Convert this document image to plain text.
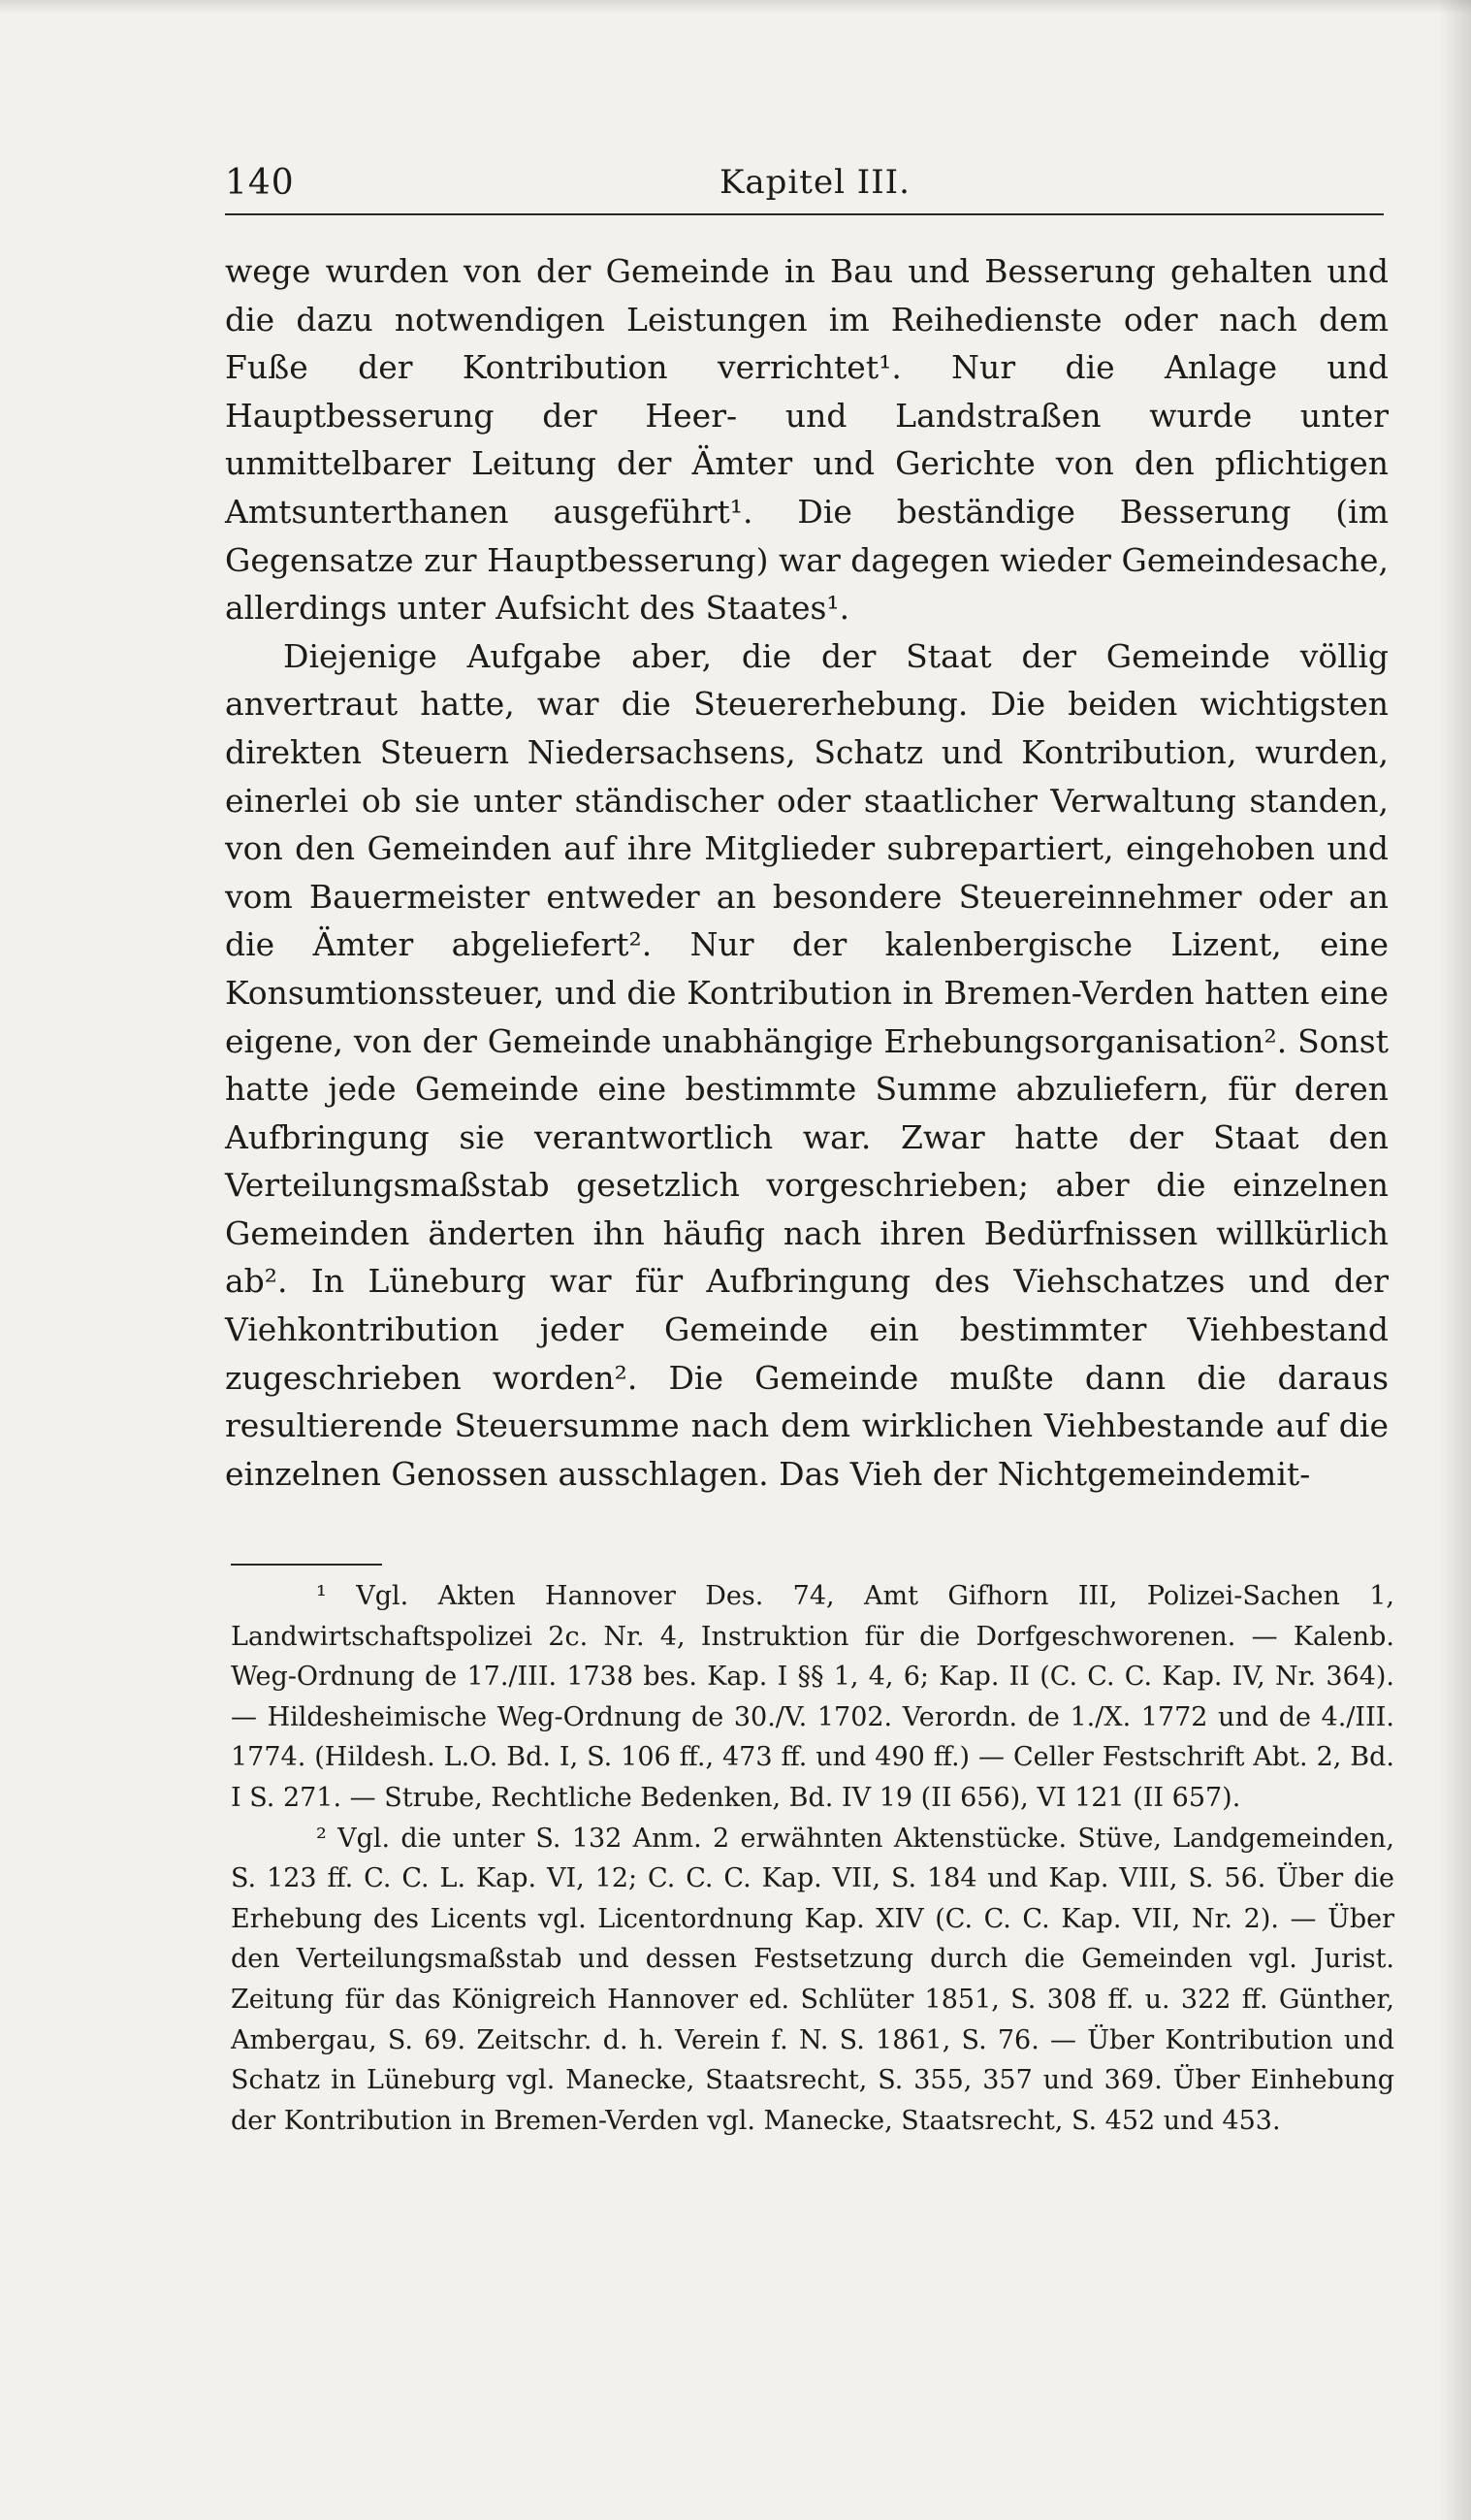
140	Kapitel III.

wege wurden von der Gemeinde in Bau und Besserung gehalten und die dazu notwendigen Leistungen im Reihedienste oder nach dem Fuße der Kontribution verrichtet¹. Nur die Anlage und Hauptbesserung der Heer- und Landstraßen wurde unter unmittelbarer Leitung der Ämter und Gerichte von den pflichtigen Amtsunterthanen ausgeführt¹. Die beständige Besserung (im Gegensatze zur Hauptbesserung) war dagegen wieder Gemeindesache, allerdings unter Aufsicht des Staates¹.

Diejenige Aufgabe aber, die der Staat der Gemeinde völlig anvertraut hatte, war die Steuererhebung. Die beiden wichtigsten direkten Steuern Niedersachsens, Schatz und Kontribution, wurden, einerlei ob sie unter ständischer oder staatlicher Verwaltung standen, von den Gemeinden auf ihre Mitglieder subrepartiert, eingehoben und vom Bauermeister entweder an besondere Steuereinnehmer oder an die Ämter abgeliefert². Nur der kalenbergische Lizent, eine Konsumtionssteuer, und die Kontribution in Bremen-Verden hatten eine eigene, von der Gemeinde unabhängige Erhebungsorganisation². Sonst hatte jede Gemeinde eine bestimmte Summe abzuliefern, für deren Aufbringung sie verantwortlich war. Zwar hatte der Staat den Verteilungsmaßstab gesetzlich vorgeschrieben; aber die einzelnen Gemeinden änderten ihn häufig nach ihren Bedürfnissen willkürlich ab². In Lüneburg war für Aufbringung des Viehschatzes und der Viehkontribution jeder Gemeinde ein bestimmter Viehbestand zugeschrieben worden². Die Gemeinde mußte dann die daraus resultierende Steuersumme nach dem wirklichen Viehbestande auf die einzelnen Genossen ausschlagen. Das Vieh der Nichtgemeindemit-

¹ Vgl. Akten Hannover Des. 74, Amt Gifhorn III, Polizei-Sachen 1, Landwirtschaftspolizei 2c. Nr. 4, Instruktion für die Dorfgeschworenen. — Kalenb. Weg-Ordnung de 17./III. 1738 bes. Kap. I §§ 1, 4, 6; Kap. II (C. C. C. Kap. IV, Nr. 364). — Hildesheimische Weg-Ordnung de 30./V. 1702. Verordn. de 1./X. 1772 und de 4./III. 1774. (Hildesh. L.O. Bd. I, S. 106 ff., 473 ff. und 490 ff.) — Celler Festschrift Abt. 2, Bd. I S. 271. — Strube, Rechtliche Bedenken, Bd. IV 19 (II 656), VI 121 (II 657).

² Vgl. die unter S. 132 Anm. 2 erwähnten Aktenstücke. Stüve, Landgemeinden, S. 123 ff. C. C. L. Kap. VI, 12; C. C. C. Kap. VII, S. 184 und Kap. VIII, S. 56. Über die Erhebung des Licents vgl. Licentordnung Kap. XIV (C. C. C. Kap. VII, Nr. 2). — Über den Verteilungsmaßstab und dessen Festsetzung durch die Gemeinden vgl. Jurist. Zeitung für das Königreich Hannover ed. Schlüter 1851, S. 308 ff. u. 322 ff. Günther, Ambergau, S. 69. Zeitschr. d. h. Verein f. N. S. 1861, S. 76. — Über Kontribution und Schatz in Lüneburg vgl. Manecke, Staatsrecht, S. 355, 357 und 369. Über Einhebung der Kontribution in Bremen-Verden vgl. Manecke, Staatsrecht, S. 452 und 453.
